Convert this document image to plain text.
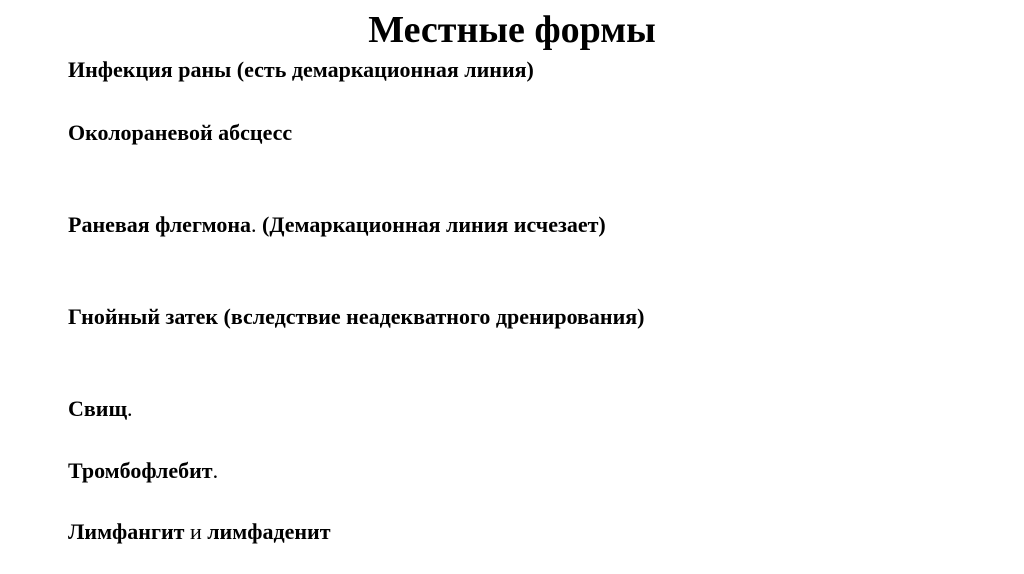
Местные формы
Инфекция раны (есть демаркационная линия)
Околораневой абсцесс
Раневая флегмона. (Демаркационная линия исчезает)
Гнойный затек (вследствие неадекватного дренирования)
Свищ.
Тромбофлебит.
Лимфангит и лимфаденит
